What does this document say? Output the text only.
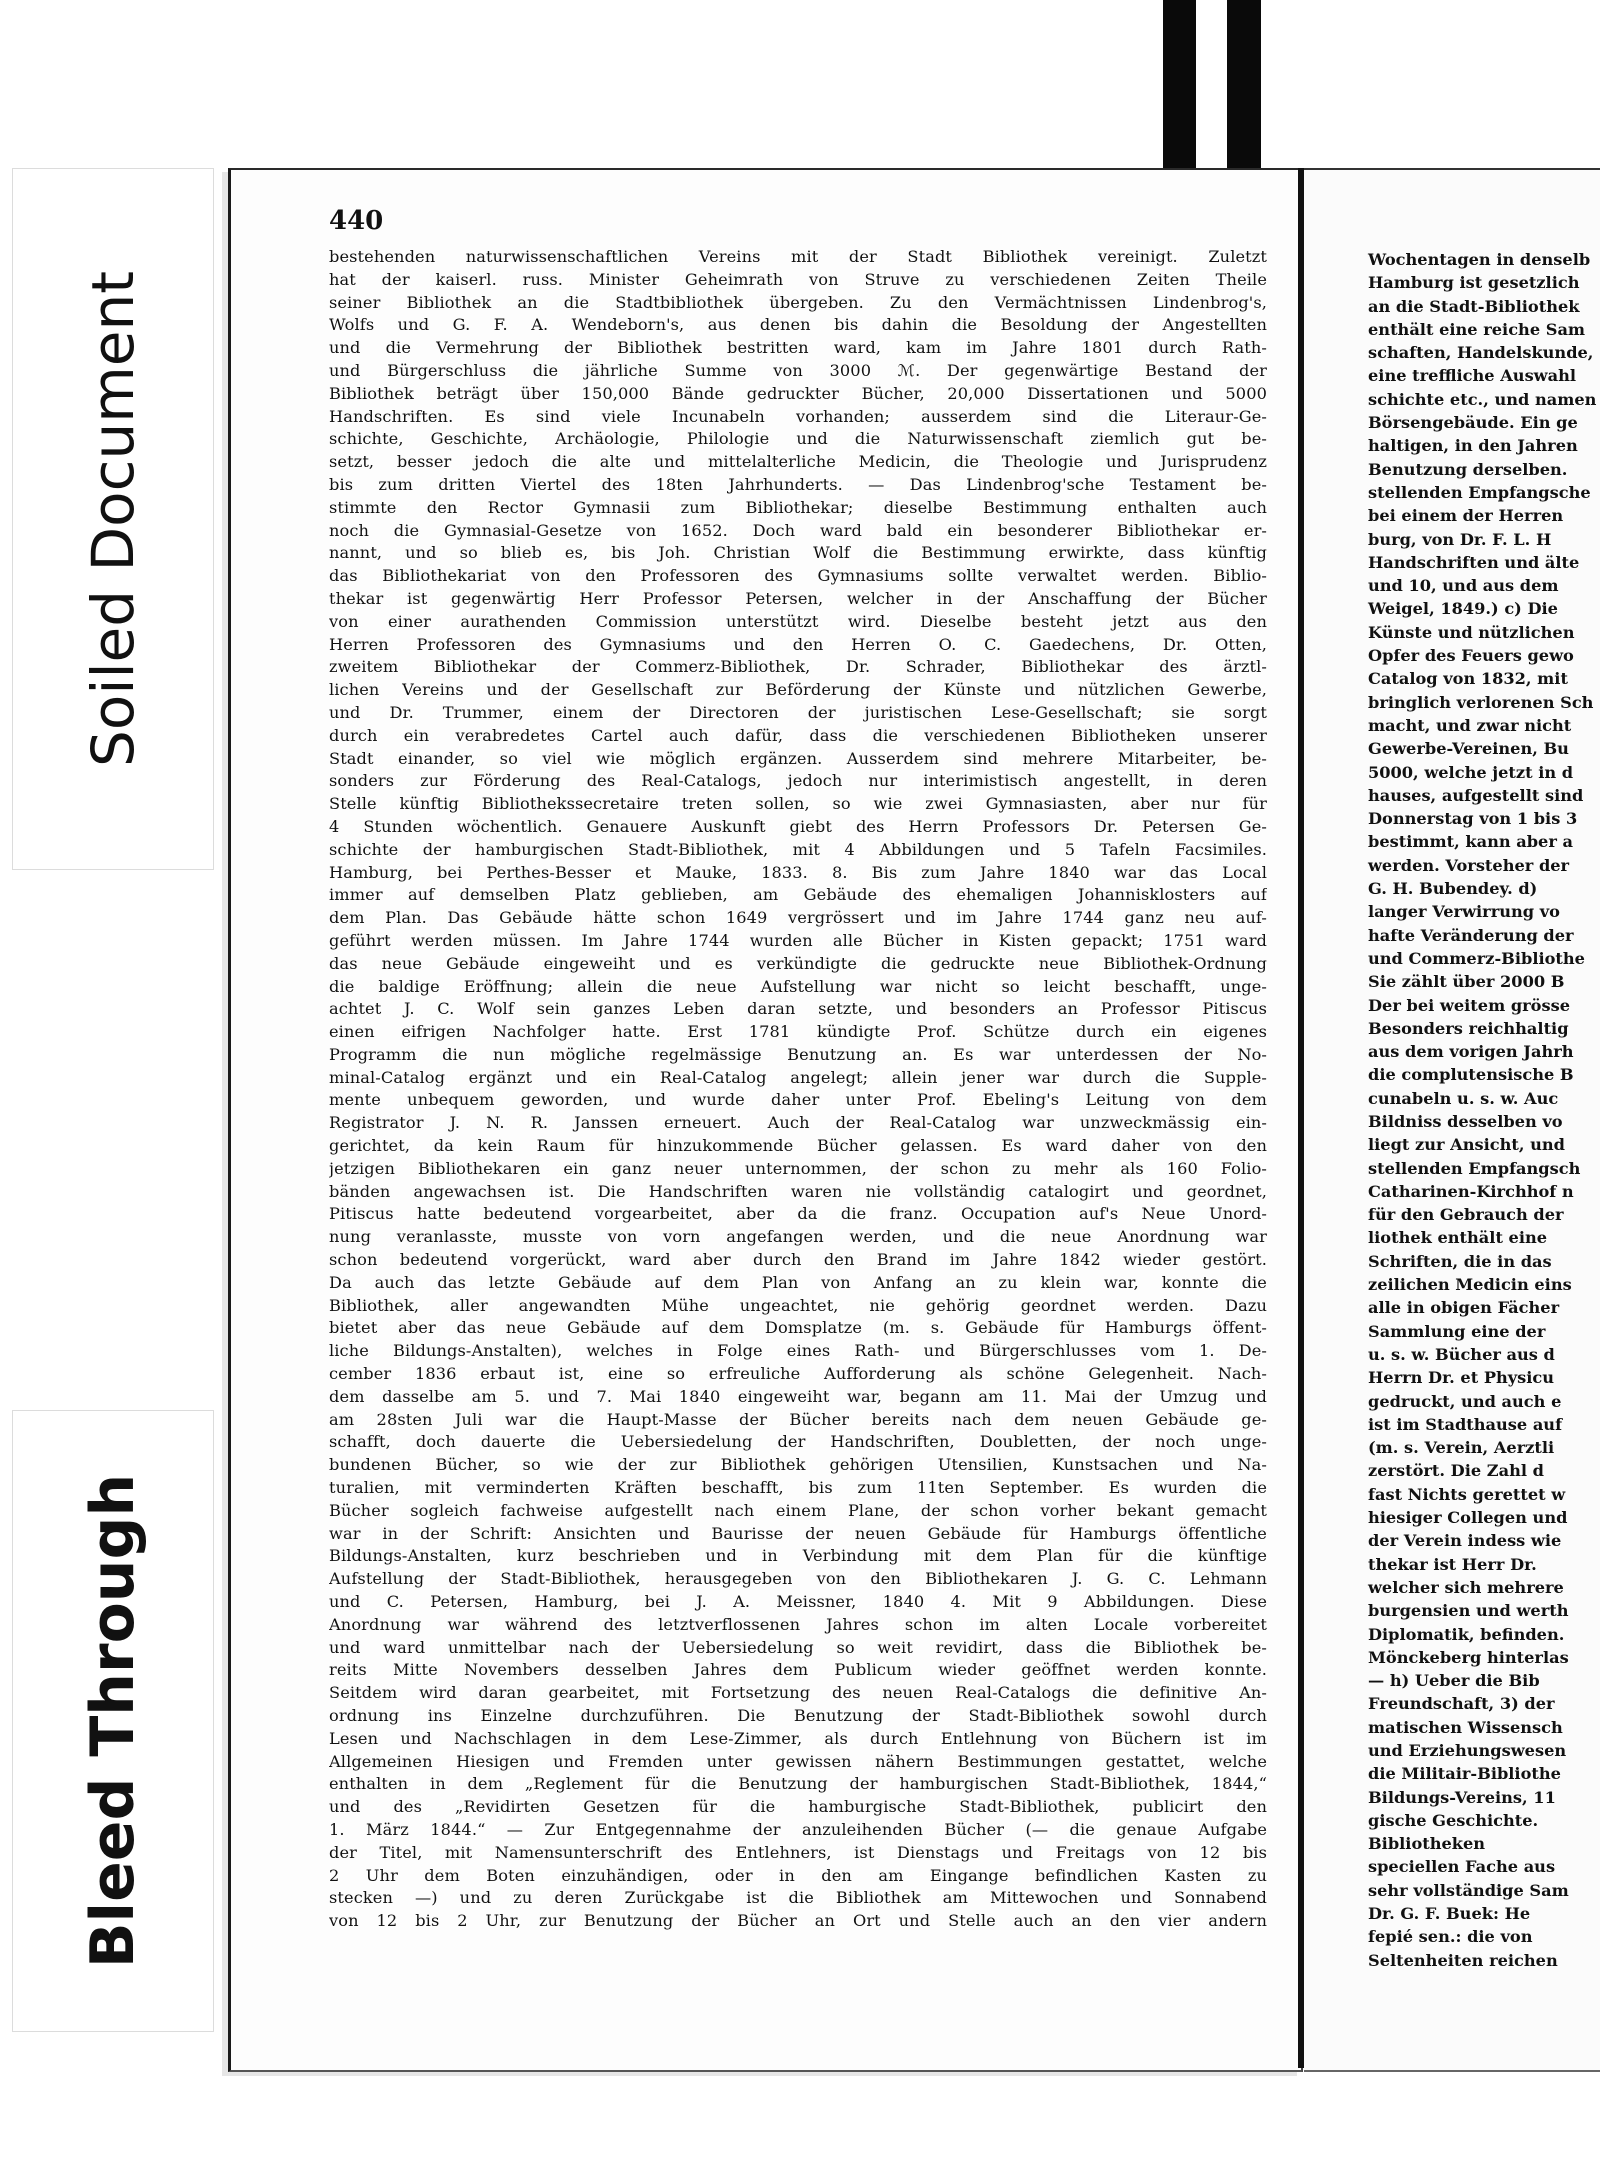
Soiled Document
Bleed Through
440
bestehenden naturwissenschaftlichen Vereins mit der Stadt Bibliothek vereinigt. Zuletzt
hat der kaiserl. russ. Minister Geheimrath von Struve zu verschiedenen Zeiten Theile
seiner Bibliothek an die Stadtbibliothek übergeben. Zu den Vermächtnissen Lindenbrog's,
Wolfs und G. F. A. Wendeborn's, aus denen bis dahin die Besoldung der Angestellten
und die Vermehrung der Bibliothek bestritten ward, kam im Jahre 1801 durch Rath-
und Bürgerschluss die jährliche Summe von 3000 ℳ. Der gegenwärtige Bestand der
Bibliothek beträgt über 150,000 Bände gedruckter Bücher, 20,000 Dissertationen und 5000
Handschriften. Es sind viele Incunabeln vorhanden; ausserdem sind die Literaur-Ge-
schichte, Geschichte, Archäologie, Philologie und die Naturwissenschaft ziemlich gut be-
setzt, besser jedoch die alte und mittelalterliche Medicin, die Theologie und Jurisprudenz
bis zum dritten Viertel des 18ten Jahrhunderts. — Das Lindenbrog'sche Testament be-
stimmte den Rector Gymnasii zum Bibliothekar; dieselbe Bestimmung enthalten auch
noch die Gymnasial-Gesetze von 1652. Doch ward bald ein besonderer Bibliothekar er-
nannt, und so blieb es, bis Joh. Christian Wolf die Bestimmung erwirkte, dass künftig
das Bibliothekariat von den Professoren des Gymnasiums sollte verwaltet werden. Biblio-
thekar ist gegenwärtig Herr Professor Petersen, welcher in der Anschaffung der Bücher
von einer aurathenden Commission unterstützt wird. Dieselbe besteht jetzt aus den
Herren Professoren des Gymnasiums und den Herren O. C. Gaedechens, Dr. Otten,
zweitem Bibliothekar der Commerz-Bibliothek, Dr. Schrader, Bibliothekar des ärztl-
lichen Vereins und der Gesellschaft zur Beförderung der Künste und nützlichen Gewerbe,
und Dr. Trummer, einem der Directoren der juristischen Lese-Gesellschaft; sie sorgt
durch ein verabredetes Cartel auch dafür, dass die verschiedenen Bibliotheken unserer
Stadt einander, so viel wie möglich ergänzen. Ausserdem sind mehrere Mitarbeiter, be-
sonders zur Förderung des Real-Catalogs, jedoch nur interimistisch angestellt, in deren
Stelle künftig Bibliothekssecretaire treten sollen, so wie zwei Gymnasiasten, aber nur für
4 Stunden wöchentlich. Genauere Auskunft giebt des Herrn Professors Dr. Petersen Ge-
schichte der hamburgischen Stadt-Bibliothek, mit 4 Abbildungen und 5 Tafeln Facsimiles.
Hamburg, bei Perthes-Besser et Mauke, 1833. 8. Bis zum Jahre 1840 war das Local
immer auf demselben Platz geblieben, am Gebäude des ehemaligen Johannisklosters auf
dem Plan. Das Gebäude hätte schon 1649 vergrössert und im Jahre 1744 ganz neu auf-
geführt werden müssen. Im Jahre 1744 wurden alle Bücher in Kisten gepackt; 1751 ward
das neue Gebäude eingeweiht und es verkündigte die gedruckte neue Bibliothek-Ordnung
die baldige Eröffnung; allein die neue Aufstellung war nicht so leicht beschafft, unge-
achtet J. C. Wolf sein ganzes Leben daran setzte, und besonders an Professor Pitiscus
einen eifrigen Nachfolger hatte. Erst 1781 kündigte Prof. Schütze durch ein eigenes
Programm die nun mögliche regelmässige Benutzung an. Es war unterdessen der No-
minal-Catalog ergänzt und ein Real-Catalog angelegt; allein jener war durch die Supple-
mente unbequem geworden, und wurde daher unter Prof. Ebeling's Leitung von dem
Registrator J. N. R. Janssen erneuert. Auch der Real-Catalog war unzweckmässig ein-
gerichtet, da kein Raum für hinzukommende Bücher gelassen. Es ward daher von den
jetzigen Bibliothekaren ein ganz neuer unternommen, der schon zu mehr als 160 Folio-
bänden angewachsen ist. Die Handschriften waren nie vollständig catalogirt und geordnet,
Pitiscus hatte bedeutend vorgearbeitet, aber da die franz. Occupation auf's Neue Unord-
nung veranlasste, musste von vorn angefangen werden, und die neue Anordnung war
schon bedeutend vorgerückt, ward aber durch den Brand im Jahre 1842 wieder gestört.
Da auch das letzte Gebäude auf dem Plan von Anfang an zu klein war, konnte die
Bibliothek, aller angewandten Mühe ungeachtet, nie gehörig geordnet werden. Dazu
bietet aber das neue Gebäude auf dem Domsplatze (m. s. Gebäude für Hamburgs öffent-
liche Bildungs-Anstalten), welches in Folge eines Rath- und Bürgerschlusses vom 1. De-
cember 1836 erbaut ist, eine so erfreuliche Aufforderung als schöne Gelegenheit. Nach-
dem dasselbe am 5. und 7. Mai 1840 eingeweiht war, begann am 11. Mai der Umzug und
am 28sten Juli war die Haupt-Masse der Bücher bereits nach dem neuen Gebäude ge-
schafft, doch dauerte die Uebersiedelung der Handschriften, Doubletten, der noch unge-
bundenen Bücher, so wie der zur Bibliothek gehörigen Utensilien, Kunstsachen und Na-
turalien, mit verminderten Kräften beschafft, bis zum 11ten September. Es wurden die
Bücher sogleich fachweise aufgestellt nach einem Plane, der schon vorher bekant gemacht
war in der Schrift: Ansichten und Baurisse der neuen Gebäude für Hamburgs öffentliche
Bildungs-Anstalten, kurz beschrieben und in Verbindung mit dem Plan für die künftige
Aufstellung der Stadt-Bibliothek, herausgegeben von den Bibliothekaren J. G. C. Lehmann
und C. Petersen, Hamburg, bei J. A. Meissner, 1840 4. Mit 9 Abbildungen. Diese
Anordnung war während des letztverflossenen Jahres schon im alten Locale vorbereitet
und ward unmittelbar nach der Uebersiedelung so weit revidirt, dass die Bibliothek be-
reits Mitte Novembers desselben Jahres dem Publicum wieder geöffnet werden konnte.
Seitdem wird daran gearbeitet, mit Fortsetzung des neuen Real-Catalogs die definitive An-
ordnung ins Einzelne durchzuführen. Die Benutzung der Stadt-Bibliothek sowohl durch
Lesen und Nachschlagen in dem Lese-Zimmer, als durch Entlehnung von Büchern ist im
Allgemeinen Hiesigen und Fremden unter gewissen nähern Bestimmungen gestattet, welche
enthalten in dem „Reglement für die Benutzung der hamburgischen Stadt-Bibliothek, 1844,“
und des „Revidirten Gesetzen für die hamburgische Stadt-Bibliothek, publicirt den
1. März 1844.“ — Zur Entgegennahme der anzuleihenden Bücher (— die genaue Aufgabe
der Titel, mit Namensunterschrift des Entlehners, ist Dienstags und Freitags von 12 bis
2 Uhr dem Boten einzuhändigen, oder in den am Eingange befindlichen Kasten zu
stecken —) und zu deren Zurückgabe ist die Bibliothek am Mittewochen und Sonnabend
von 12 bis 2 Uhr, zur Benutzung der Bücher an Ort und Stelle auch an den vier andern
Wochentagen in denselb
Hamburg ist gesetzlich
an die Stadt-Bibliothek
enthält eine reiche Sam
schaften, Handelskunde,
eine treffliche Auswahl
schichte etc., und namen
Börsengebäude. Ein ge
haltigen, in den Jahren
Benutzung derselben.
stellenden Empfangsche
bei einem der Herren
burg, von Dr. F. L. H
Handschriften und älte
und 10, und aus dem
Weigel, 1849.) c) Die
Künste und nützlichen
Opfer des Feuers gewo
Catalog von 1832, mit
bringlich verlorenen Sch
macht, und zwar nicht
Gewerbe-Vereinen, Bu
5000, welche jetzt in d
hauses, aufgestellt sind
Donnerstag von 1 bis 3
bestimmt, kann aber a
werden. Vorsteher der
G. H. Bubendey. d)
langer Verwirrung vo
hafte Veränderung der
und Commerz-Bibliothe
Sie zählt über 2000 B
Der bei weitem grösse
Besonders reichhaltig
aus dem vorigen Jahrh
die complutensische B
cunabeln u. s. w. Auc
Bildniss desselben vo
liegt zur Ansicht, und
stellenden Empfangsch
Catharinen-Kirchhof n
für den Gebrauch der
liothek enthält eine
Schriften, die in das
zeilichen Medicin eins
alle in obigen Fächer
Sammlung eine der
u. s. w. Bücher aus d
Herrn Dr. et Physicu
gedruckt, und auch e
ist im Stadthause auf
(m. s. Verein, Aerztli
zerstört. Die Zahl d
fast Nichts gerettet w
hiesiger Collegen und
der Verein indess wie
thekar ist Herr Dr.
welcher sich mehrere
burgensien und werth
Diplomatik, befinden.
Mönckeberg hinterlas
— h) Ueber die Bib
Freundschaft, 3) der
matischen Wissensch
und Erziehungswesen
die Militair-Bibliothe
Bildungs-Vereins, 11
gische Geschichte.
Bibliotheken
speciellen Fache aus
sehr vollständige Sam
Dr. G. F. Buek: He
fepié sen.: die von
Seltenheiten reichen
